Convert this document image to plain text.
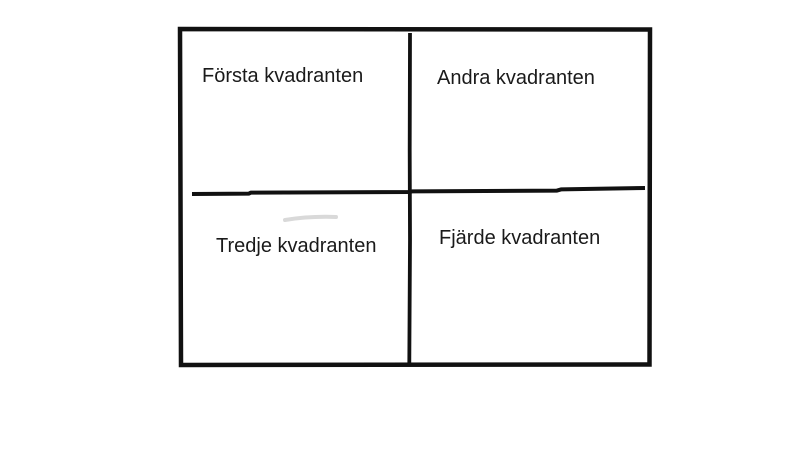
Första kvadranten	Andra kvadranten
Tredje kvadranten	Fjärde kvadranten
